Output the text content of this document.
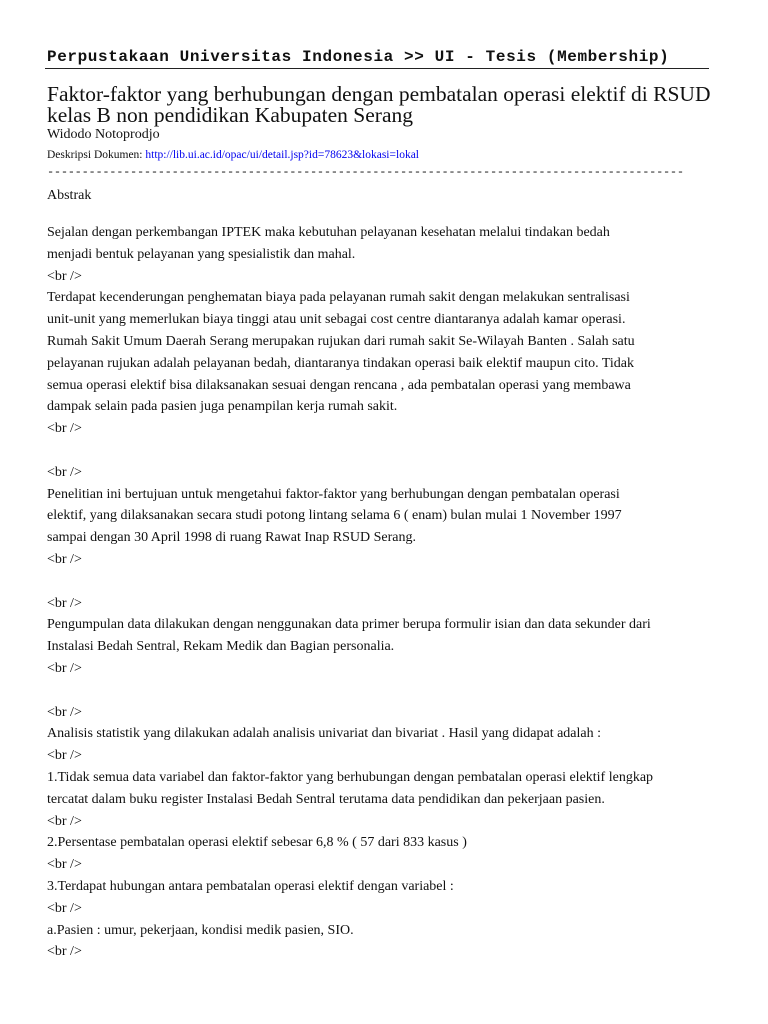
Perpustakaan Universitas Indonesia >> UI - Tesis (Membership)
Faktor-faktor yang berhubungan dengan pembatalan operasi elektif di RSUD kelas B non pendidikan Kabupaten Serang
Widodo Notoprodjo
Deskripsi Dokumen: http://lib.ui.ac.id/opac/ui/detail.jsp?id=78623&lokasi=lokal
--------------------------------------------------------------------------------------------
Abstrak
Sejalan dengan perkembangan IPTEK maka kebutuhan pelayanan kesehatan melalui tindakan bedah
menjadi bentuk pelayanan yang spesialistik dan mahal.
<br />
Terdapat kecenderungan penghematan biaya pada pelayanan rumah sakit dengan melakukan sentralisasi
unit-unit yang memerlukan biaya tinggi atau unit sebagai cost centre diantaranya adalah kamar operasi.
Rumah Sakit Umum Daerah Serang merupakan rujukan dari rumah sakit Se-Wilayah Banten . Salah satu
pelayanan rujukan adalah pelayanan bedah, diantaranya tindakan operasi baik elektif maupun cito. Tidak
semua operasi elektif bisa dilaksanakan sesuai dengan rencana , ada pembatalan operasi yang membawa
dampak selain pada pasien juga penampilan kerja rumah sakit.
<br />
<br />
Penelitian ini bertujuan untuk mengetahui faktor-faktor yang berhubungan dengan pembatalan operasi
elektif, yang dilaksanakan secara studi potong lintang selama 6 ( enam) bulan mulai 1 November 1997
sampai dengan 30 April 1998 di ruang Rawat Inap RSUD Serang.
<br />
<br />
Pengumpulan data dilakukan dengan nenggunakan data primer berupa formulir isian dan data sekunder dari
Instalasi Bedah Sentral, Rekam Medik dan Bagian personalia.
<br />
<br />
Analisis statistik yang dilakukan adalah analisis univariat dan bivariat . Hasil yang didapat adalah :
<br />
1.Tidak semua data variabel dan faktor-faktor yang berhubungan dengan pembatalan operasi elektif lengkap
tercatat dalam buku register Instalasi Bedah Sentral terutama data pendidikan dan pekerjaan pasien.
<br />
2.Persentase pembatalan operasi elektif sebesar 6,8 % ( 57 dari 833 kasus )
<br />
3.Terdapat hubungan antara pembatalan operasi elektif dengan variabel :
<br />
a.Pasien : umur, pekerjaan, kondisi medik pasien, SIO.
<br />
